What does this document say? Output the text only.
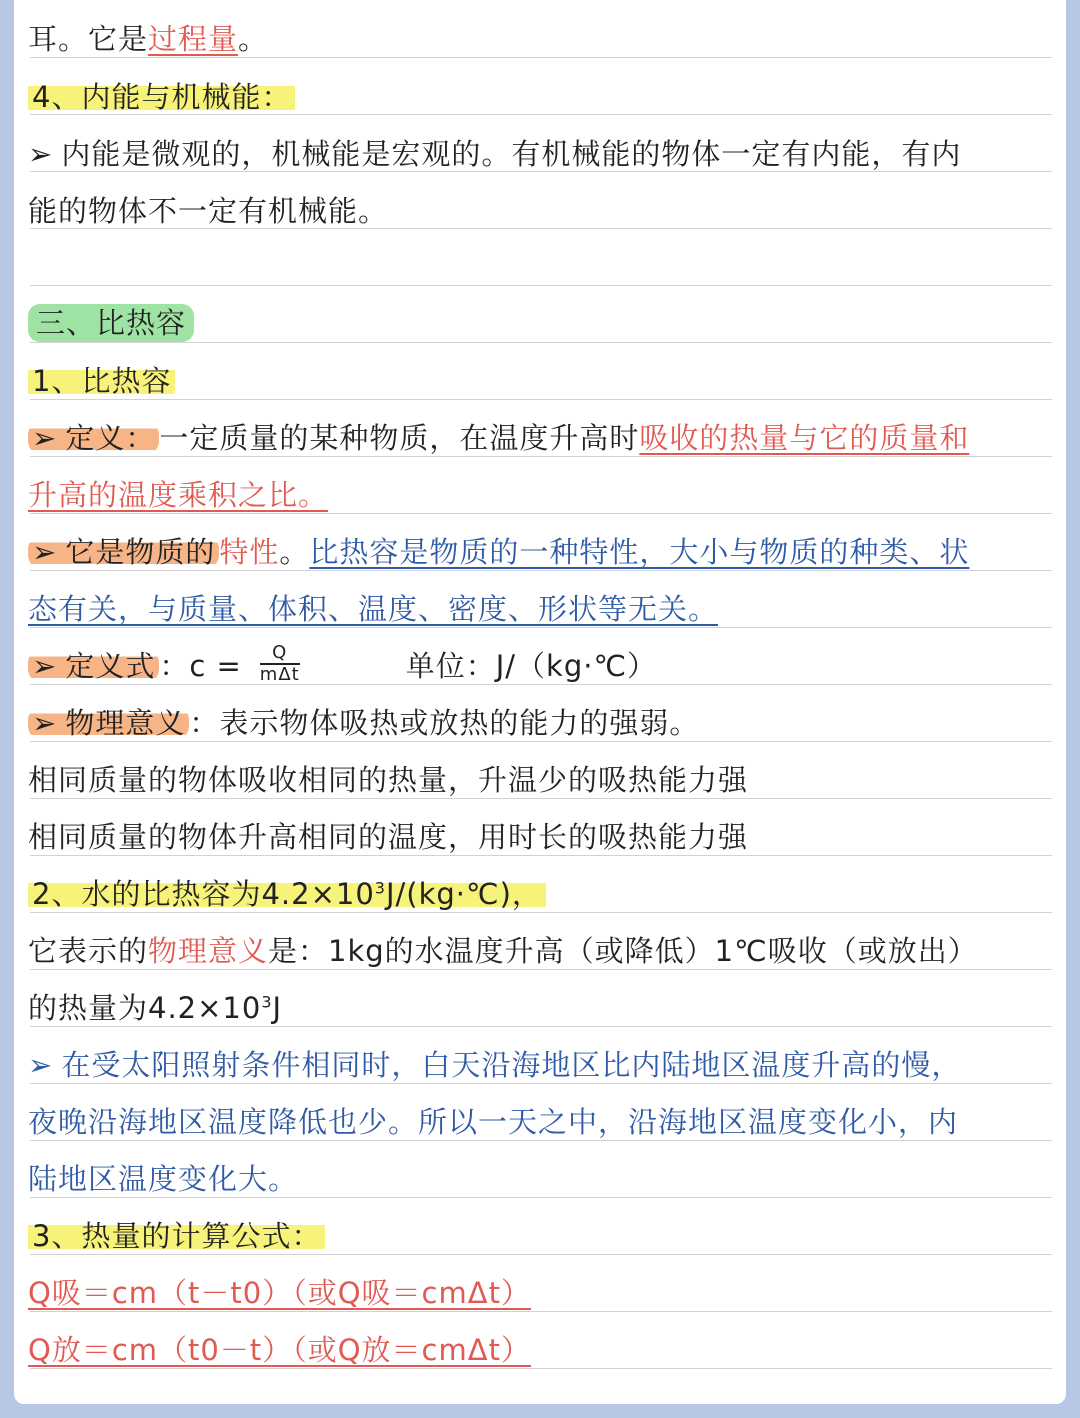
耳。它是过程量。
4、内能与机械能：
➢ 内能是微观的，机械能是宏观的。有机械能的物体一定有内能，有内
能的物体不一定有机械能。
三、比热容
1、比热容
➢ 定义： 一定质量的某种物质，在温度升高时吸收的热量与它的质量和
升高的温度乘积之比。
➢ 它是物质的 特性。比热容是物质的一种特性，大小与物质的种类、状
态有关，与质量、体积、温度、密度、形状等无关。
➢ 定义式 ：$c = \frac{Q}{\text{mΔt}}$	单位：J/（kg·℃）
➢ 物理意义 ：表示物体吸热或放热的能力的强弱。
相同质量的物体吸收相同的热量，升温少的吸热能力强
相同质量的物体升高相同的温度，用时长的吸热能力强
2、水的比热容为$4.2\times 10^3J/(kg\cdot℃)$，
它表示的物理意义是：1kg的水温度升高（或降低）1℃吸收（或放出）
的热量为$4.2\times 10^3J$
➢ 在受太阳照射条件相同时，白天沿海地区比内陆地区温度升高的慢，
夜晚沿海地区温度降低也少。所以一天之中，沿海地区温度变化小，内
陆地区温度变化大。
3、热量的计算公式：
Q吸＝cm（t－t0）（或Q吸＝cmΔt）
Q放＝cm（t0－t）（或Q放＝cmΔt）
